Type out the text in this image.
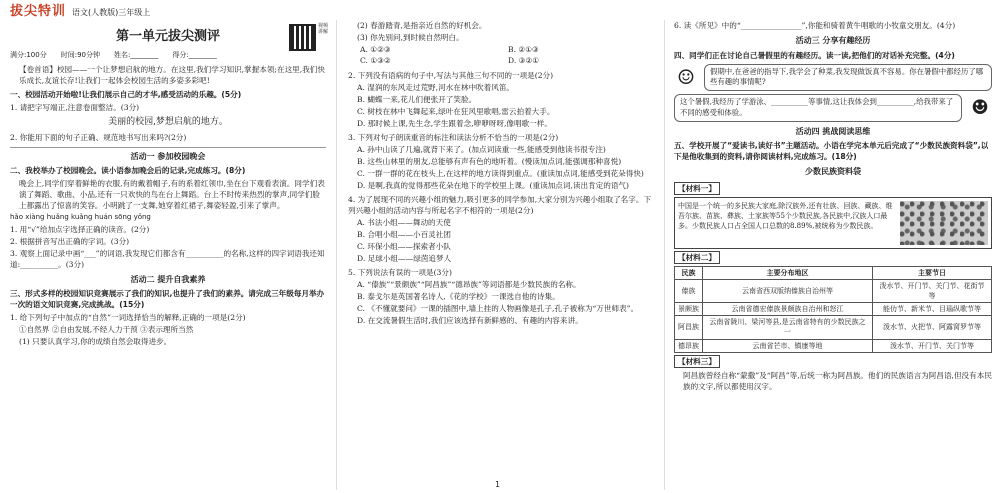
拔尖特训 语文(人教版)三年级上
第一单元拔尖测评
视频讲解
满分:100分 时间:90分钟 姓名:________ 得分:________

【卷首语】校园——一个让梦想启航的地方。在这里,我们学习知识,掌握本领;在这里,我们快乐成长,友谊长存!让我们一起体会校园生活的多姿多彩吧!

一、校园活动开始啦!让我们展示自己的才华,感受活动的乐趣。(5分)

1. 请把字写端正,注意卷面整洁。(3分)

美丽的校园,梦想启航的地方。

2. 你能用下面的句子正确、规范地书写出来吗?(2分)

活动一 参加校园晚会
二、我校举办了校园晚会。读小语参加晚会后的记录,完成练习。(8分)

晚会上,同学们穿着鲜艳的衣服,有的戴着帽子,有的系着红领巾,坐在台下观看表演。同学们表演了舞蹈、歌曲、小品,还有一只欢快的鸟在台上舞蹈。台上不时传来热烈的掌声,同学们脸上都露出了惊喜的笑容。小明跳了一支舞,她穿着红裙子,舞姿轻盈,引来了掌声。

hǎo xiàng huǎng kuǎng huán sōng yǒng

1. 用“√”给加点字选择正确的读音。(2分)

2. 根据拼音写出正确的字词。(3分)

3. 观察上面记录中画“___”的词语,我发现它们都含有__________的名称,这样的四字词语我还知道:__________。(3分)

活动二 提升自我素养
三、形式多样的校园知识竞赛展示了我们的知识,也提升了我们的素养。请完成三年级每月举办一次的语文知识竞赛,完成挑战。(15分)

1. 给下列句子中加点的“自然”一词选择恰当的解释,正确的一项是(2分)

①自然界 ②自由发展,不经人力干预 ③表示理所当然

(1) 只要认真学习,你的成绩自然会取得进步。

(2) 春游踏青,是指亲近自然的好机会。

(3) 你先别问,到时候自然明白。

A. ①②③	B. ②①③
C. ①③②	D. ③②①

2. 下列没有语病的句子中,写法与其他三句不同的一项是(2分)

A. 湿润的东风走过荒野,河水在林中吹着风笛。

B. 蝴蝶一来,花儿们便张开了笑脸。

C. 树枝在林中飞舞起来,绿叶在狂风里歌唱,雷云拍着大手。

D. 那时候上课,先生念,学生跟着念,咿咿呀呀,像唱歌一样。

3. 下列对句子朗读重音的标注和读法分析不恰当的一项是(2分)

A. 孙中山读了几遍,就背下来了。(加点词读重一些,能感受到他读书很专注)

B. 这些山林里的朋友,总能够有声有色的地听着。(慢读加点词,能强调那种喜悦)

C. 一群一群的花在枝头上,在这样的地方读得到重点。(重读加点词,能感受到花朵得快)

D. 是啊,我真的觉得那些花朵在地下的学校里上课。(重读加点词,读出肯定的语气)

4. 为了展现不同的兴趣小组的魅力,吸引更多的同学参加,大家分别为兴趣小组取了名字。下列兴趣小组的活动内容与所起名字不相符的一项是(2分)

A. 书法小组——舞动的天使

B. 合唱小组——小百灵社团

C. 环保小组——探索者小队

D. 足球小组——绿茵追梦人

5. 下列说法有误的一项是(3分)

A. “傣族”“景颇族”“阿昌族”“德昂族”等词语都是少数民族的名称。

B. 泰戈尔是英国著名诗人,《花的学校》一课选自他的诗集。

C. 《不懂就要问》一课的插图中,墙上挂的人物画像是孔子,孔子被称为“万世师表”。

D. 在交流暑假生活时,我们应该选择有新鲜感的、有趣的内容来讲。

6. 读《所见》中的“________________”,你能和骑着黄牛唱歌的小牧童交朋友。(4分)

活动三 分享有趣经历
四、同学们正在讨论自己暑假里的有趣经历。读一读,把他们的对话补充完整。(4分)
☺	假期中,在爸爸的指导下,我学会了种菜,我发现做饭真不容易。你在暑假中都经历了哪些有趣的事情呢?
这个暑假,我经历了学游泳、__________等事情,这让我体会到__________,给我带来了不同的感受和体验。	☻
活动四 挑战阅读思维
五、学校开展了“爱读书,读好书”主题活动。小语在学完本单元后完成了“少数民族资料袋”,以下是他收集到的资料,请你阅读材料,完成练习。(18分)
少数民族资料袋
【材料一】

中国是一个统一的多民族大家庭,除汉族外,还有壮族、回族、藏族、维吾尔族、苗族、彝族、土家族等55个少数民族,各民族中,汉族人口最多。少数民族人口占全国人口总数的8.89%,被统称为少数民族。

【材料二】
民族	主要分布地区	主要节日
傣族	云南省西双版纳傣族自治州等	泼水节、开门节、关门节、花街节等
景颇族	云南省德宏傣族景颇族自治州和怒江	能仂节、新米节、目瑙纵歌节等
阿昌族	云南省陇川、梁河等县,是云南省特有的少数民族之一	泼水节、火把节、阿露窝罗节等
德昂族	云南省芒市、镇康等地	泼水节、开门节、关门节等
【材料三】

阿昌族曾经自称“蒙撒”及“阿昌”等,后统一称为阿昌族。他们的民族语言为阿昌语,但没有本民族的文字,所以都使用汉字。

1
